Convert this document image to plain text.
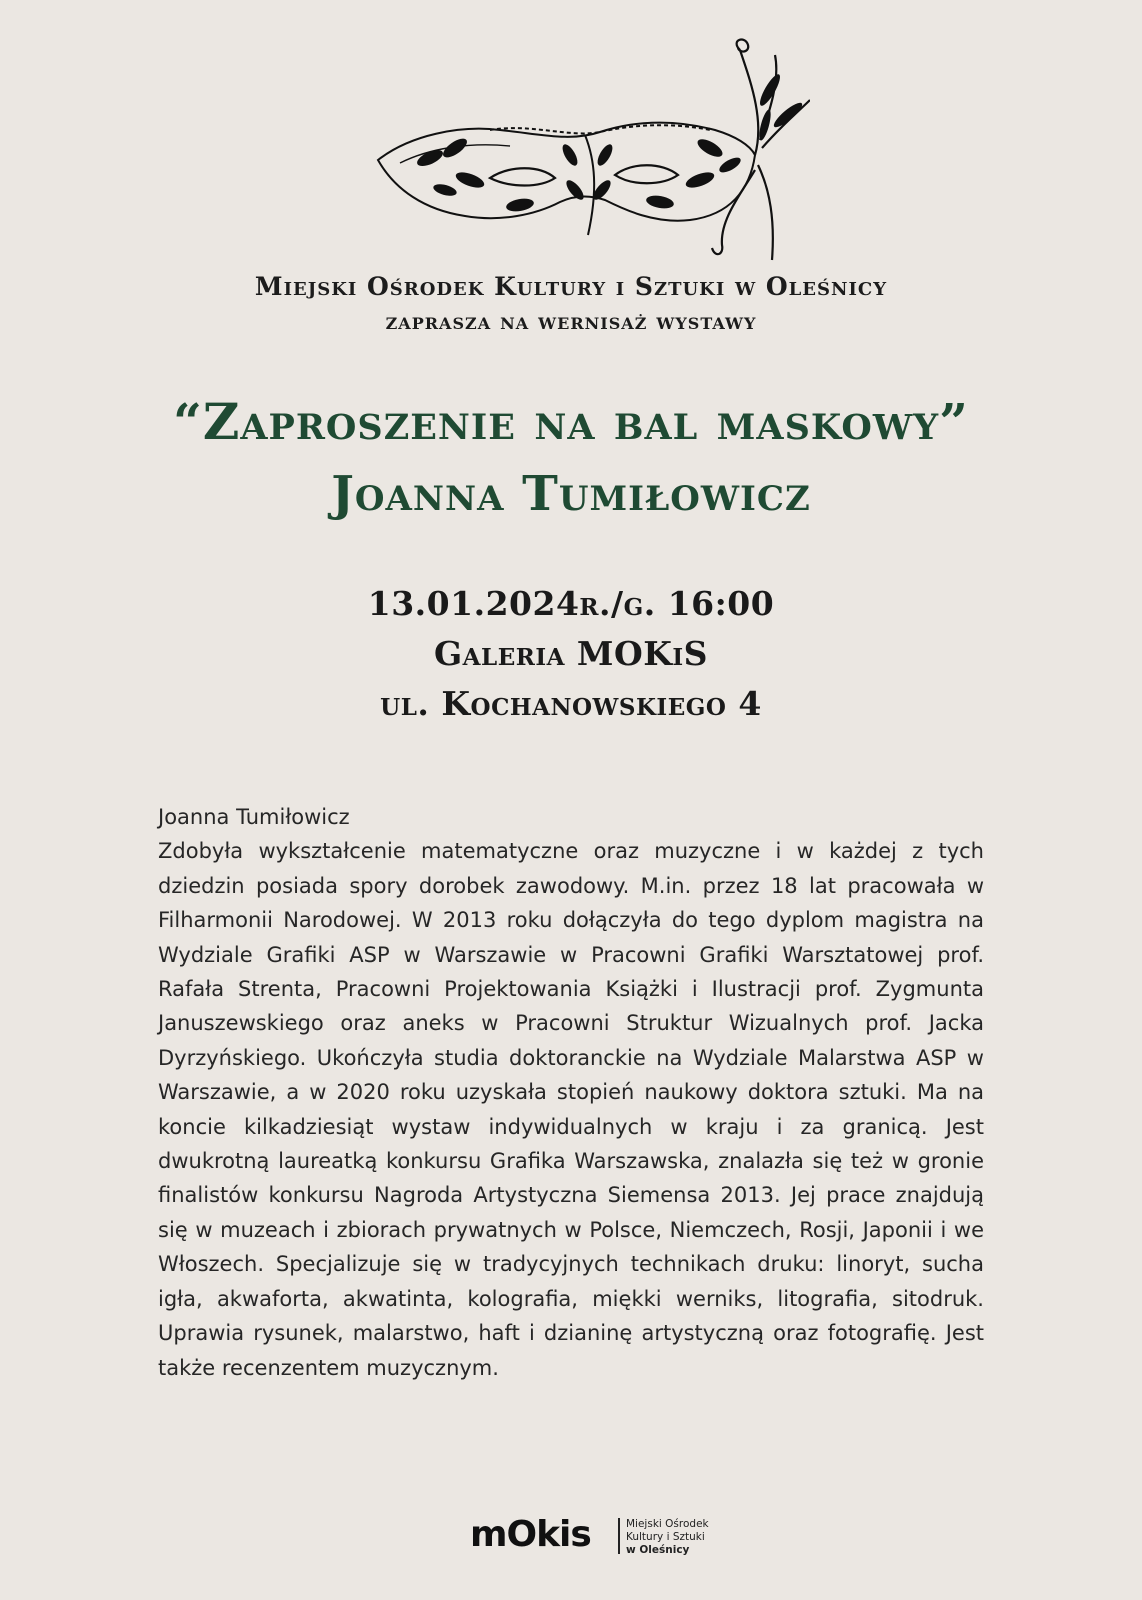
Miejski Ośrodek Kultury i Sztuki w Oleśnicy
zaprasza na wernisaż wystawy
“Zaproszenie na bal maskowy”
Joanna Tumiłowicz
13.01.2024r./g. 16:00
Galeria MOKiS
ul. Kochanowskiego 4

Joanna Tumiłowicz

Zdobyła wykształcenie matematyczne oraz muzyczne i w każdej z tych dziedzin posiada spory dorobek zawodowy. M.in. przez 18 lat pracowała w Filharmonii Narodowej. W 2013 roku dołączyła do tego dyplom magistra na Wydziale Grafiki ASP w Warszawie w Pracowni Grafiki Warsztatowej prof. Rafała Strenta, Pracowni Projektowania Książki i Ilustracji prof. Zygmunta Januszewskiego oraz aneks w Pracowni Struktur Wizualnych prof. Jacka Dyrzyńskiego. Ukończyła studia doktoranckie na Wydziale Malarstwa ASP w Warszawie, a w 2020 roku uzyskała stopień naukowy doktora sztuki. Ma na koncie kilkadziesiąt wystaw indywidualnych w kraju i za granicą. Jest dwukrotną laureatką konkursu Grafika Warszawska, znalazła się też w gronie finalistów konkursu Nagroda Artystyczna Siemensa 2013. Jej prace znajdują się w muzeach i zbiorach prywatnych w Polsce, Niemczech, Rosji, Japonii i we Włoszech. Specjalizuje się w tradycyjnych technikach druku: linoryt, sucha igła, akwaforta, akwatinta, kolografia, miękki werniks, litografia, sitodruk. Uprawia rysunek, malarstwo, haft i dzianinę artystyczną oraz fotografię. Jest także recenzentem muzycznym.

mOkis	Miejski Ośrodek
Kultury i Sztuki
w Oleśnicy
